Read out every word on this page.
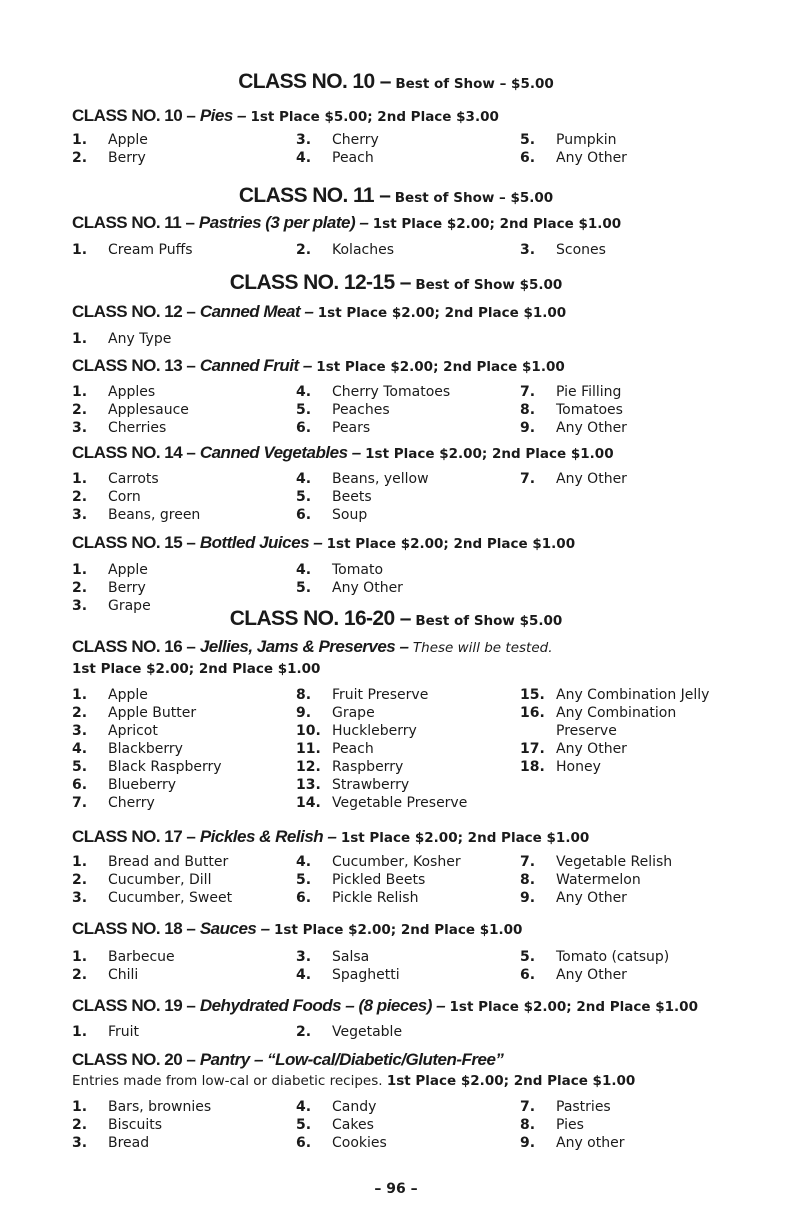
CLASS NO. 10 – Best of Show – $5.00
CLASS NO. 10 – Pies – 1st Place $5.00; 2nd Place $3.00
1. Apple
2. Berry
3. Cherry
4. Peach
5. Pumpkin
6. Any Other
CLASS NO. 11 – Best of Show – $5.00
CLASS NO. 11 – Pastries (3 per plate) – 1st Place $2.00; 2nd Place $1.00
1. Cream Puffs	2. Kolaches	3. Scones
CLASS NO. 12-15 – Best of Show $5.00
CLASS NO. 12 – Canned Meat – 1st Place $2.00; 2nd Place $1.00
1. Any Type
CLASS NO. 13 – Canned Fruit – 1st Place $2.00; 2nd Place $1.00
1. Apples
2. Applesauce
3. Cherries
4. Cherry Tomatoes
5. Peaches
6. Pears
7. Pie Filling
8. Tomatoes
9. Any Other
CLASS NO. 14 – Canned Vegetables – 1st Place $2.00; 2nd Place $1.00
1. Carrots
2. Corn
3. Beans, green
4. Beans, yellow
5. Beets
6. Soup
7. Any Other
CLASS NO. 15 – Bottled Juices – 1st Place $2.00; 2nd Place $1.00
1. Apple
2. Berry
3. Grape
4. Tomato
5. Any Other
CLASS NO. 16-20 – Best of Show $5.00
CLASS NO. 16 – Jellies, Jams & Preserves – These will be tested.
1st Place $2.00; 2nd Place $1.00
1. Apple
2. Apple Butter
3. Apricot
4. Blackberry
5. Black Raspberry
6. Blueberry
7. Cherry
8. Fruit Preserve
9. Grape
10. Huckleberry
11. Peach
12. Raspberry
13. Strawberry
14. Vegetable Preserve
15. Any Combination Jelly
16. Any Combination
Preserve
17. Any Other
18. Honey
CLASS NO. 17 – Pickles & Relish – 1st Place $2.00; 2nd Place $1.00
1. Bread and Butter
2. Cucumber, Dill
3. Cucumber, Sweet
4. Cucumber, Kosher
5. Pickled Beets
6. Pickle Relish
7. Vegetable Relish
8. Watermelon
9. Any Other
CLASS NO. 18 – Sauces – 1st Place $2.00; 2nd Place $1.00
1. Barbecue
2. Chili
3. Salsa
4. Spaghetti
5. Tomato (catsup)
6. Any Other
CLASS NO. 19 – Dehydrated Foods – (8 pieces) – 1st Place $2.00; 2nd Place $1.00
1. Fruit	2. Vegetable
CLASS NO. 20 – Pantry – “Low-cal/Diabetic/Gluten-Free”
Entries made from low-cal or diabetic recipes. 1st Place $2.00; 2nd Place $1.00
1. Bars, brownies
2. Biscuits
3. Bread
4. Candy
5. Cakes
6. Cookies
7. Pastries
8. Pies
9. Any other
– 96 –
